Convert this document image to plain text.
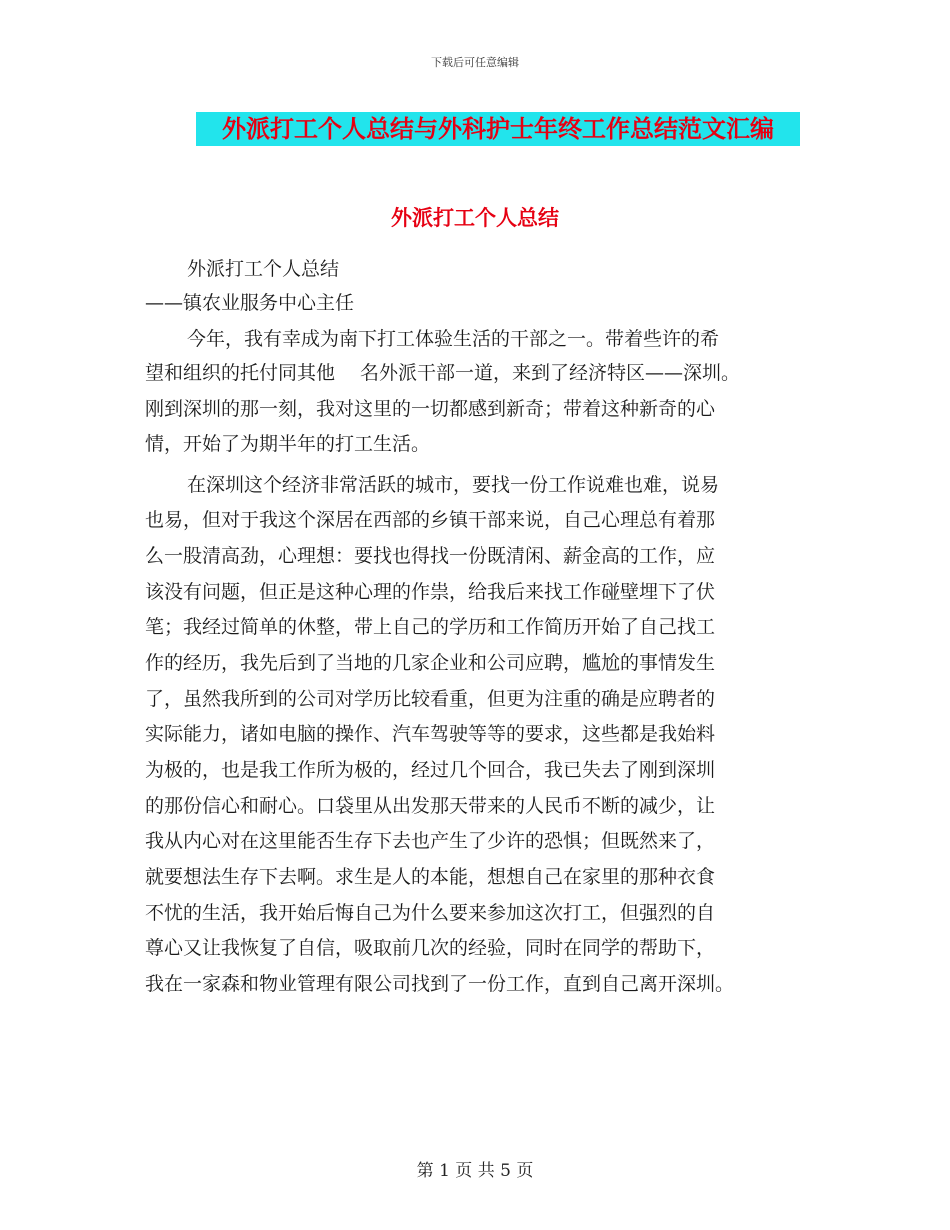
下载后可任意编辑
外派打工个人总结与外科护士年终工作总结范文汇编
外派打工个人总结
外派打工个人总结
——镇农业服务中心主任
今年，我有幸成为南下打工体验生活的干部之一。带着些许的希
望和组织的托付同其他　 名外派干部一道，来到了经济特区——深圳。
刚到深圳的那一刻，我对这里的一切都感到新奇；带着这种新奇的心
情，开始了为期半年的打工生活。
在深圳这个经济非常活跃的城市，要找一份工作说难也难，说易
也易，但对于我这个深居在西部的乡镇干部来说，自己心理总有着那
么一股清高劲，心理想：要找也得找一份既清闲、薪金高的工作，应
该没有问题，但正是这种心理的作祟，给我后来找工作碰壁埋下了伏
笔；我经过简单的休整，带上自己的学历和工作简历开始了自己找工
作的经历，我先后到了当地的几家企业和公司应聘，尴尬的事情发生
了，虽然我所到的公司对学历比较看重，但更为注重的确是应聘者的
实际能力，诸如电脑的操作、汽车驾驶等等的要求，这些都是我始料
为极的，也是我工作所为极的，经过几个回合，我已失去了刚到深圳
的那份信心和耐心。口袋里从出发那天带来的人民币不断的减少，让
我从内心对在这里能否生存下去也产生了少许的恐惧；但既然来了，
就要想法生存下去啊。求生是人的本能，想想自己在家里的那种衣食
不忧的生活，我开始后悔自己为什么要来参加这次打工，但强烈的自
尊心又让我恢复了自信，吸取前几次的经验，同时在同学的帮助下，
我在一家森和物业管理有限公司找到了一份工作，直到自己离开深圳。
第 1 页 共 5 页
